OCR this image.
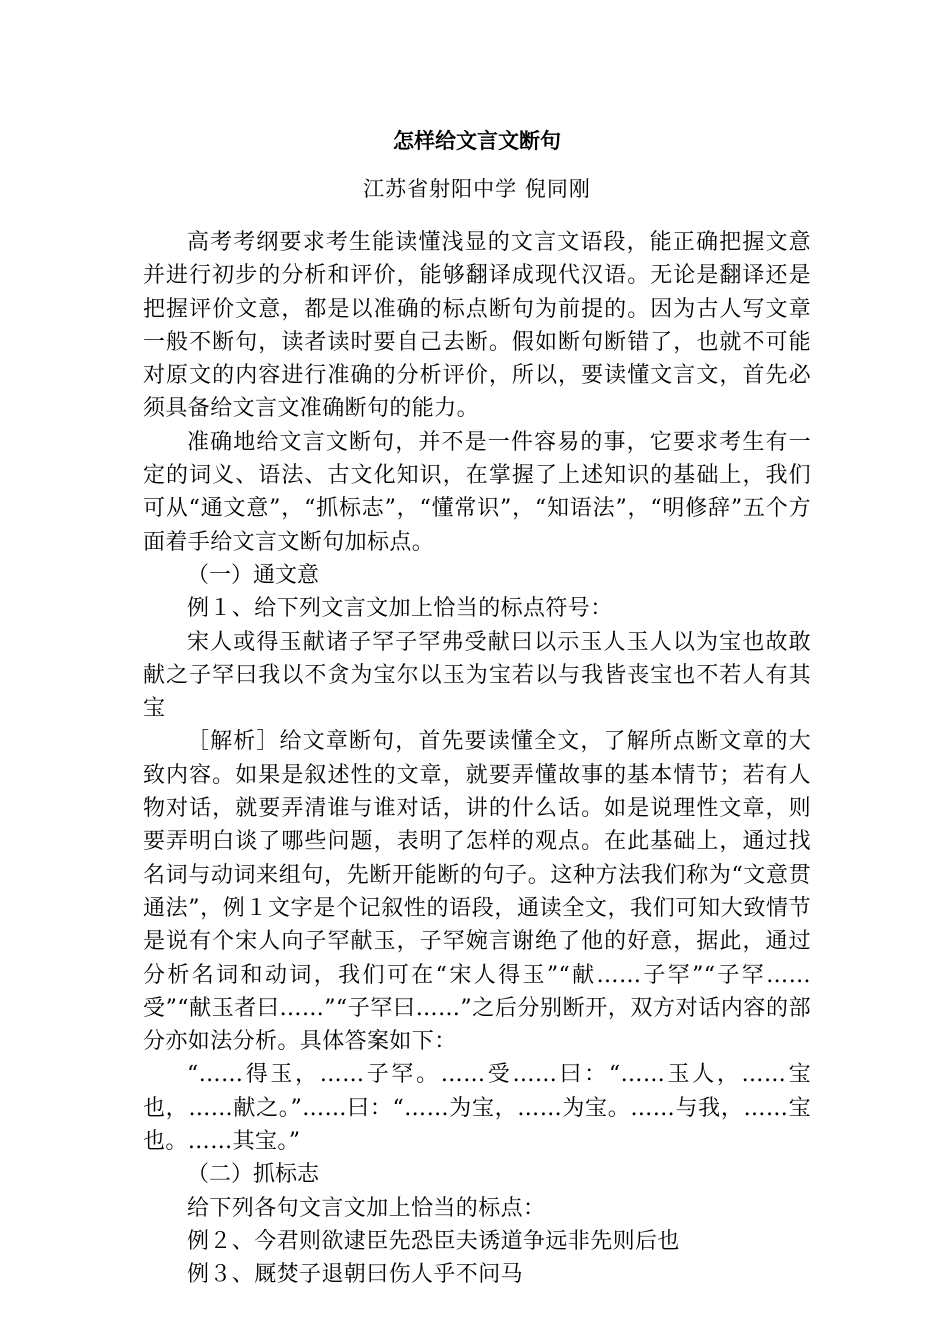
怎样给文言文断句
江苏省射阳中学 倪同刚

高考考纲要求考生能读懂浅显的文言文语段，能正确把握文意并进行初步的分析和评价，能够翻译成现代汉语。无论是翻译还是把握评价文意，都是以准确的标点断句为前提的。因为古人写文章一般不断句，读者读时要自己去断。假如断句断错了，也就不可能对原文的内容进行准确的分析评价，所以，要读懂文言文，首先必须具备给文言文准确断句的能力。

准确地给文言文断句，并不是一件容易的事，它要求考生有一定的词义、语法、古文化知识，在掌握了上述知识的基础上，我们可从“通文意”，“抓标志”，“懂常识”，“知语法”，“明修辞”五个方面着手给文言文断句加标点。

（一）通文意

例１、给下列文言文加上恰当的标点符号：

宋人或得玉献诸子罕子罕弗受献曰以示玉人玉人以为宝也故敢献之子罕曰我以不贪为宝尔以玉为宝若以与我皆丧宝也不若人有其宝

［解析］给文章断句，首先要读懂全文，了解所点断文章的大致内容。如果是叙述性的文章，就要弄懂故事的基本情节；若有人物对话，就要弄清谁与谁对话，讲的什么话。如是说理性文章，则要弄明白谈了哪些问题，表明了怎样的观点。在此基础上，通过找名词与动词来组句，先断开能断的句子。这种方法我们称为“文意贯通法”，例１文字是个记叙性的语段，通读全文，我们可知大致情节是说有个宋人向子罕献玉，子罕婉言谢绝了他的好意，据此，通过分析名词和动词，我们可在“宋人得玉”“献……子罕”“子罕……受”“献玉者曰……”“子罕曰……”之后分别断开，双方对话内容的部分亦如法分析。具体答案如下：

“……得玉，……子罕。……受……曰：“……玉人，……宝也，……献之。”……曰：“……为宝，……为宝。……与我，……宝也。……其宝。”

（二）抓标志

给下列各句文言文加上恰当的标点：

例２、今君则欲逮臣先恐臣夫诱道争远非先则后也

例３、厩焚子退朝曰伤人乎不问马
